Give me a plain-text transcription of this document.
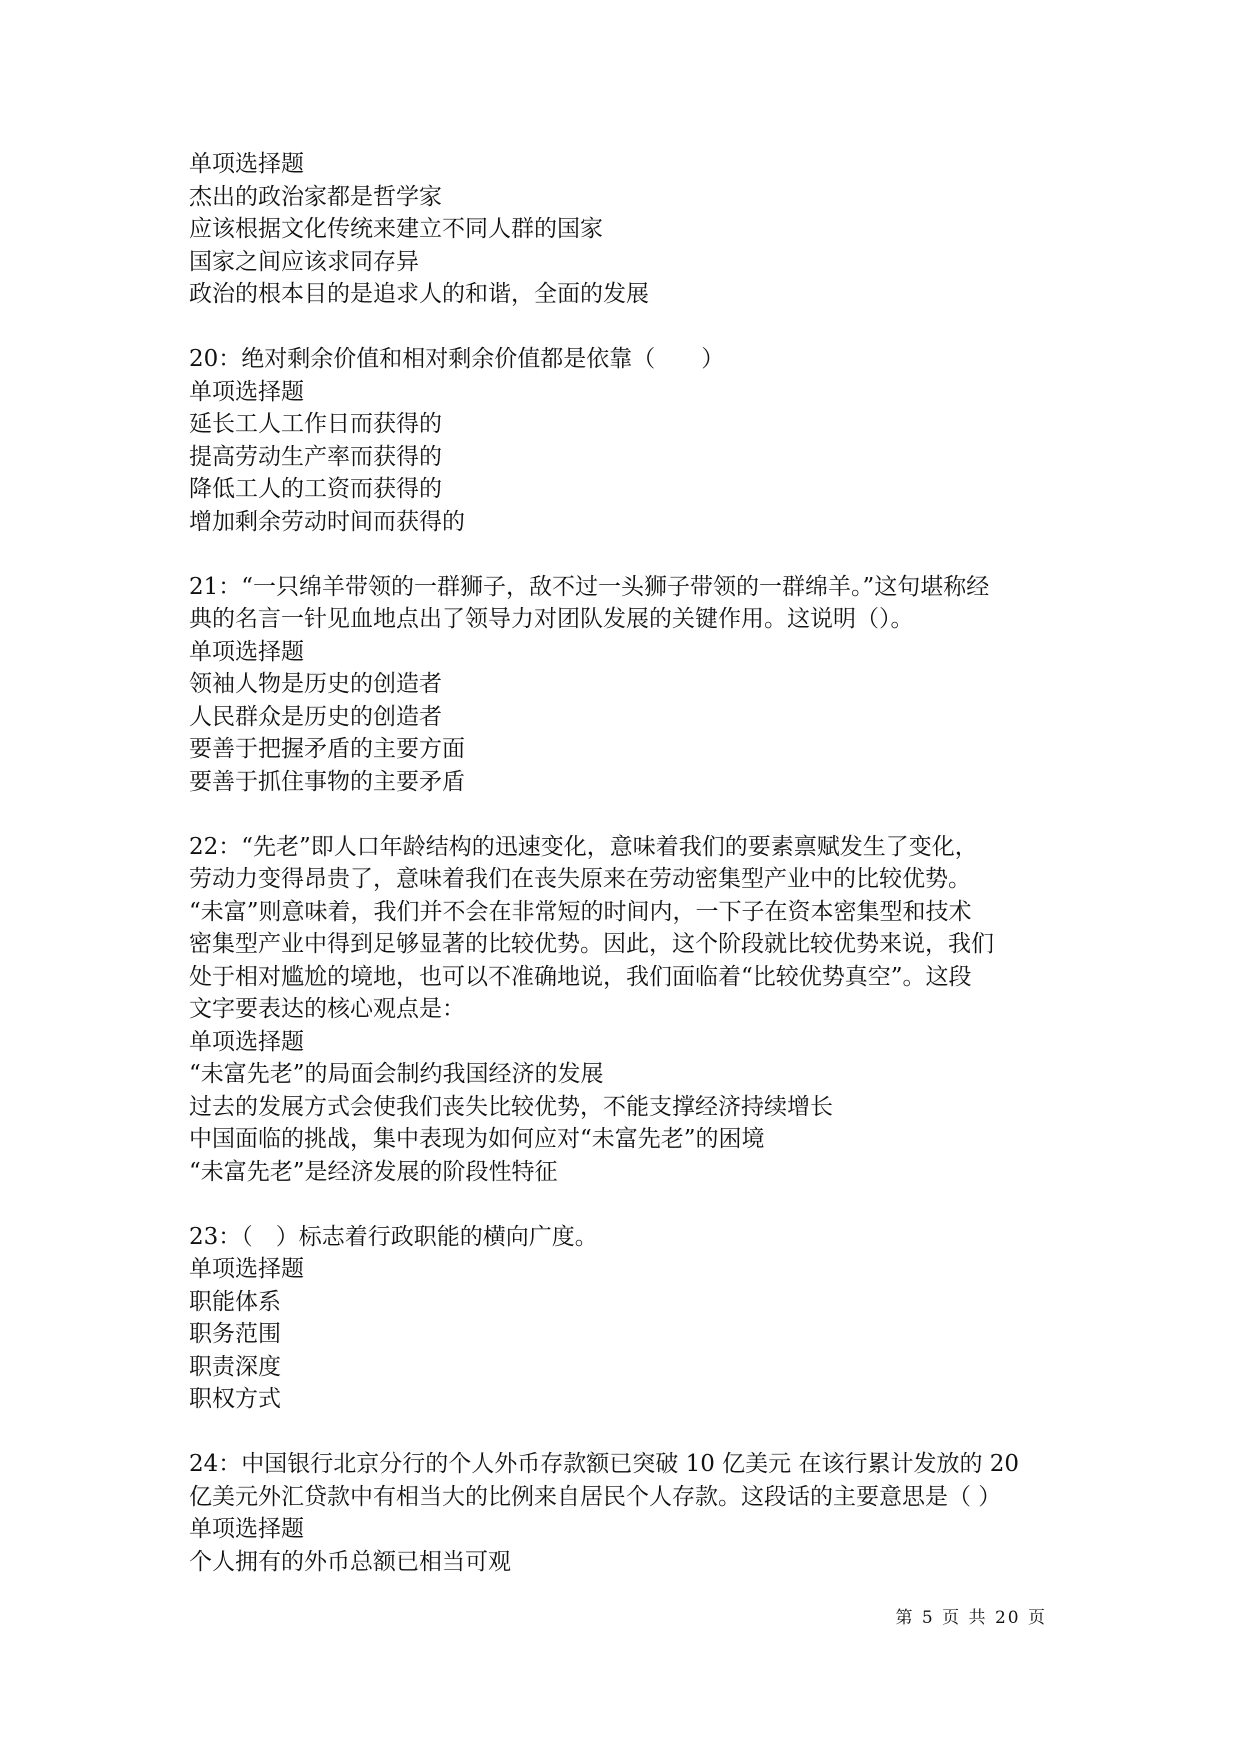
单项选择题
杰出的政治家都是哲学家
应该根据文化传统来建立不同人群的国家
国家之间应该求同存异
政治的根本目的是追求人的和谐，全面的发展
20：绝对剩余价值和相对剩余价值都是依靠（　　）
单项选择题
延长工人工作日而获得的
提高劳动生产率而获得的
降低工人的工资而获得的
增加剩余劳动时间而获得的
21：“一只绵羊带领的一群狮子，敌不过一头狮子带领的一群绵羊。”这句堪称经
典的名言一针见血地点出了领导力对团队发展的关键作用。这说明（）。
单项选择题
领袖人物是历史的创造者
人民群众是历史的创造者
要善于把握矛盾的主要方面
要善于抓住事物的主要矛盾
22：“先老”即人口年龄结构的迅速变化，意味着我们的要素禀赋发生了变化，
劳动力变得昂贵了，意味着我们在丧失原来在劳动密集型产业中的比较优势。
“未富”则意味着，我们并不会在非常短的时间内，一下子在资本密集型和技术
密集型产业中得到足够显著的比较优势。因此，这个阶段就比较优势来说，我们
处于相对尴尬的境地，也可以不准确地说，我们面临着“比较优势真空”。这段
文字要表达的核心观点是：
单项选择题
“未富先老”的局面会制约我国经济的发展
过去的发展方式会使我们丧失比较优势，不能支撑经济持续增长
中国面临的挑战，集中表现为如何应对“未富先老”的困境
“未富先老”是经济发展的阶段性特征
23：（　）标志着行政职能的横向广度。
单项选择题
职能体系
职务范围
职责深度
职权方式
24：中国银行北京分行的个人外币存款额已突破 10 亿美元 在该行累计发放的 20
亿美元外汇贷款中有相当大的比例来自居民个人存款。这段话的主要意思是（ ）
单项选择题
个人拥有的外币总额已相当可观
第 5 页 共 20 页
